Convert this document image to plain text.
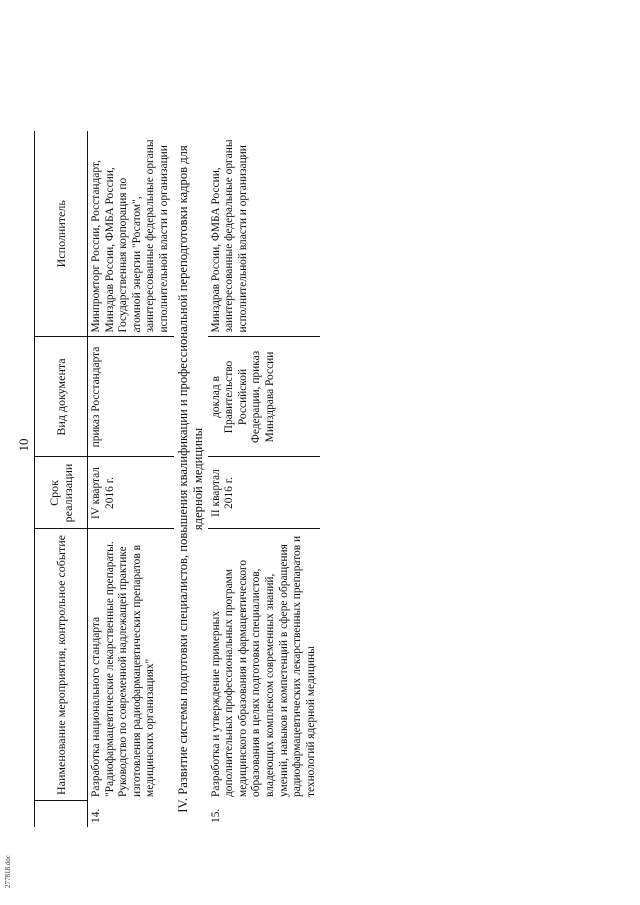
10
	Наименование мероприятия, контрольное событие	Срок реализации	Вид документа	Исполнитель
14.	Разработка национального стандарта "Радиофармацевтические лекарственные препараты. Руководство по современной надлежащей практике изготовления радиофармацевтических препаратов в медицинских организациях"	IV квартал 2016 г.	приказ Росстандарта	Минпромторг России, Росстандарт, Минздрав России, ФМБА России, Государственная корпорация по атомной энергии "Росатом", заинтересованные федеральные органы исполнительной власти и организации
IV. Развитие системы подготовки специалистов, повышения квалификации и профессиональной переподготовки кадров для ядерной медицины				
15.	Разработка и утверждение примерных дополнительных профессиональных программ медицинского образования и фармацевтического образования в целях подготовки специалистов, владеющих комплексом современных знаний, умений, навыков и компетенций в сфере обращения радиофармацевтических лекарственных препаратов и технологий ядерной медицины	II квартал 2016 г.	доклад в Правительство Российской Федерации, приказ Минздрава России	Минздрав России, ФМБА России, заинтересованные федеральные органы исполнительной власти и организации
277818.doc
